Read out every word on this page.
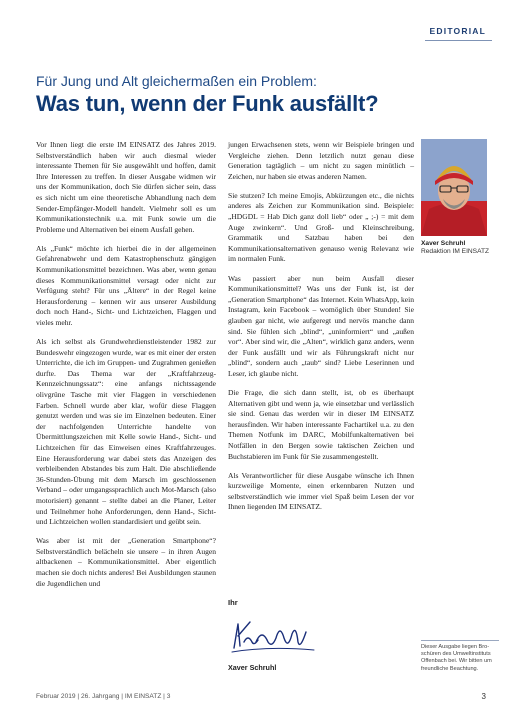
EDITORIAL
Für Jung und Alt gleichermaßen ein Problem:
Was tun, wenn der Funk ausfällt?

Vor Ihnen liegt die erste IM EINSATZ des Jahres 2019. Selbstverständlich haben wir auch diesmal wieder interessante Themen für Sie ausgewählt und hoffen, damit Ihre Interessen zu treffen. In dieser Ausgabe widmen wir uns der Kommunikation, doch Sie dürfen sicher sein, dass es sich nicht um eine theoretische Abhandlung nach dem Sender-Empfänger-Modell handelt. Vielmehr soll es um Kommunikationstechnik u.a. mit Funk sowie um die Probleme und Alternativen bei einem Ausfall gehen.

Als „Funk“ möchte ich hierbei die in der allgemeinen Gefahrenabwehr und dem Katastrophenschutz gängigen Kommunikationsmittel bezeichnen. Was aber, wenn genau dieses Kommunikationsmittel versagt oder nicht zur Verfügung steht? Für uns „Ältere“ in der Regel keine Herausforderung – kennen wir aus unserer Ausbildung doch noch Hand-, Sicht- und Lichtzeichen, Flaggen und vieles mehr.

Als ich selbst als Grundwehrdienstleistender 1982 zur Bundeswehr eingezogen wurde, war es mit einer der ersten Unterrichte, die ich im Gruppen- und Zugrahmen genießen durfte. Das Thema war der „Kraftfahrzeug-Kennzeichnungssatz“: eine anfangs nichtssagende olivgrüne Tasche mit vier Flaggen in verschiedenen Farben. Schnell wurde aber klar, wofür diese Flaggen genutzt werden und was sie im Einzelnen bedeuten. Einer der nachfolgenden Unterrichte handelte von Übermittlungszeichen mit Kelle sowie Hand-, Sicht- und Lichtzeichen für das Einweisen eines Kraftfahrzeuges. Eine Herausforderung war dabei stets das Anzeigen des verbleibenden Abstandes bis zum Halt. Die abschließende 36-Stunden-Übung mit dem Marsch im geschlossenen Verband – oder umgangssprachlich auch Mot-Marsch (also motorisiert) genannt – stellte dabei an die Planer, Leiter und Teilnehmer hohe Anforderungen, denn Hand-, Sicht- und Lichtzeichen wollen standardisiert und geübt sein.

Was aber ist mit der „Generation Smartphone“? Selbstverständlich belächeln sie unsere – in ihren Augen altbackenen – Kommunikationsmittel. Aber eigentlich machen sie doch nichts anderes! Bei Ausbildungen staunen die Jugendlichen und

jungen Erwachsenen stets, wenn wir Beispiele bringen und Vergleiche ziehen. Denn letztlich nutzt genau diese Generation tagtäglich – um nicht zu sagen minütlich – Zeichen, nur haben sie etwas anderen Namen.

Sie stutzen? Ich meine Emojis, Abkürzungen etc., die nichts anderes als Zeichen zur Kommunikation sind. Beispiele: „HDGDL = Hab Dich ganz doll lieb“ oder „ ;-) = mit dem Auge zwinkern“. Und Groß- und Kleinschreibung, Grammatik und Satzbau haben bei den Kommunikationsalternativen genauso wenig Relevanz wie im normalen Funk.

Was passiert aber nun beim Ausfall dieser Kommunikationsmittel? Was uns der Funk ist, ist der „Generation Smartphone“ das Internet. Kein WhatsApp, kein Instagram, kein Facebook – womöglich über Stunden! Sie glauben gar nicht, wie aufgeregt und nervös manche dann sind. Sie fühlen sich „blind“, „uninformiert“ und „außen vor“. Aber sind wir, die „Alten“, wirklich ganz anders, wenn der Funk ausfällt und wir als Führungskraft nicht nur „blind“, sondern auch „taub“ sind? Liebe Leserinnen und Leser, ich glaube nicht.

Die Frage, die sich dann stellt, ist, ob es überhaupt Alternativen gibt und wenn ja, wie einsetzbar und verlässlich sie sind. Genau das werden wir in dieser IM EINSATZ herausfinden. Wir haben interessante Fachartikel u.a. zu den Themen Notfunk im DARC, Mobilfunkalternativen bei Notfällen in den Bergen sowie taktischen Zeichen und Buchstabieren im Funk für Sie zusammengestellt.

Als Verantwortlicher für diese Ausgabe wünsche ich Ihnen kurzweilige Momente, einen erkennbaren Nutzen und selbstverständlich wie immer viel Spaß beim Lesen der vor Ihnen liegenden IM EINSATZ.

Xaver Schruhl
Redaktion IM EINSATZ
Ihr
Xaver Schruhl
Dieser Ausgabe liegen Broschüren des Umweltinstituts Offenbach bei. Wir bitten um freundliche Beachtung.
Februar 2019 | 26. Jahrgang | IM EINSATZ | 3	3
